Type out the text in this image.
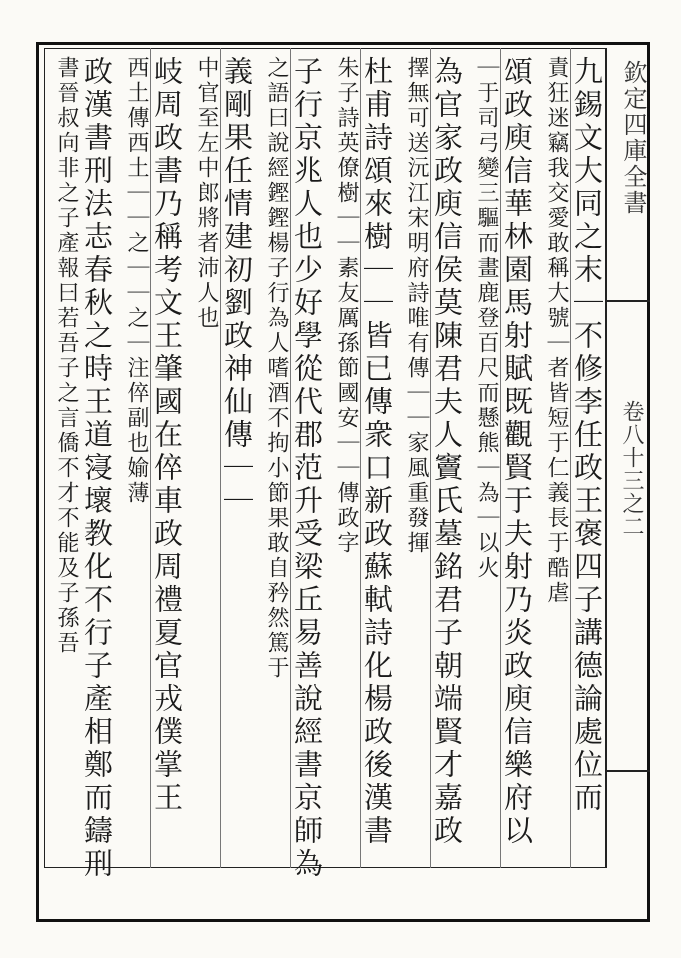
欽定四庫全書
卷八十三之二
九錫文大同之末｜不修李任政王褒四子講德論處位而
責狂迷竊我交愛敢稱大號｜者皆短于仁義長于酷虐
頌政庾信華林園馬射賦既觀賢于夫射乃炎政庾信樂府以
｜于司弓變三驅而畫鹿登百尺而懸熊｜為｜以火
為官家政庾信侯莫陳君夫人竇氏墓銘君子朝端賢才嘉政
擇無可送沅江宋明府詩唯有傳｜｜家風重發揮
杜甫詩頌來樹｜｜皆已傳衆口新政蘇軾詩化楊政後漢書
朱子詩英僚樹｜｜素友厲孫節國安｜｜傳政字
子行京兆人也少好學從代郡范升受梁丘易善說經書京師為
之語曰說經鏗鏗楊子行為人嗜酒不拘小節果敢自矜然篤于
義剛果任情建初劉政神仙傳｜｜
中官至左中郎將者沛人也
岐周政書乃稱考文王肇國在倅車政周禮夏官戎僕掌王
西土傳西土｜｜之｜｜之｜注倅副也媮薄
政漢書刑法志春秋之時王道寖壞教化不行子產相鄭而鑄刑
書晉叔向非之子產報曰若吾子之言僑不才不能及子孫吾
